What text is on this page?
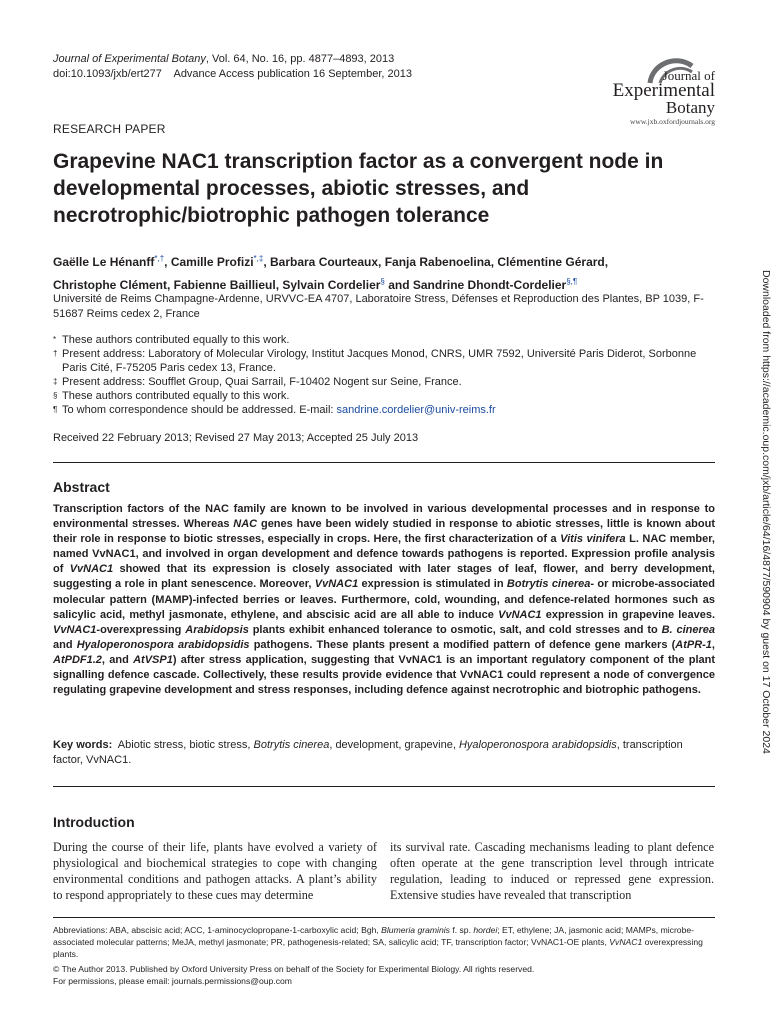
Journal of Experimental Botany, Vol. 64, No. 16, pp. 4877–4893, 2013
doi:10.1093/jxb/ert277    Advance Access publication 16 September, 2013	Journal of
Experimental
Botany
www.jxb.oxfordjournals.org
RESEARCH PAPER
Grapevine NAC1 transcription factor as a convergent node in developmental processes, abiotic stresses, and necrotrophic/biotrophic pathogen tolerance
Gaëlle Le Hénanff*,†, Camille Profizi*,‡, Barbara Courteaux, Fanja Rabenoelina, Clémentine Gérard,
Christophe Clément, Fabienne Baillieul, Sylvain Cordelier§ and Sandrine Dhondt-Cordelier§,¶
Université de Reims Champagne-Ardenne, URVVC-EA 4707, Laboratoire Stress, Défenses et Reproduction des Plantes, BP 1039, F-51687 Reims cedex 2, France
* These authors contributed equally to this work.
† Present address: Laboratory of Molecular Virology, Institut Jacques Monod, CNRS, UMR 7592, Université Paris Diderot, Sorbonne
Paris Cité, F-75205 Paris cedex 13, France.
‡ Present address: Soufflet Group, Quai Sarrail, F-10402 Nogent sur Seine, France.
§ These authors contributed equally to this work.
¶ To whom correspondence should be addressed. E-mail: sandrine.cordelier@univ-reims.fr
Received 22 February 2013; Revised 27 May 2013; Accepted 25 July 2013
Abstract
Transcription factors of the NAC family are known to be involved in various developmental processes and in response to environmental stresses. Whereas NAC genes have been widely studied in response to abiotic stresses, little is known about their role in response to biotic stresses, especially in crops. Here, the first characterization of a Vitis vinifera L. NAC member, named VvNAC1, and involved in organ development and defence towards pathogens is reported. Expression profile analysis of VvNAC1 showed that its expression is closely associated with later stages of leaf, flower, and berry development, suggesting a role in plant senescence. Moreover, VvNAC1 expression is stimulated in Botrytis cinerea- or microbe-associated molecular pattern (MAMP)-infected berries or leaves. Furthermore, cold, wounding, and defence-related hormones such as salicylic acid, methyl jasmonate, ethylene, and abscisic acid are all able to induce VvNAC1 expression in grapevine leaves. VvNAC1-overexpressing Arabidopsis plants exhibit enhanced tolerance to osmotic, salt, and cold stresses and to B. cinerea and Hyaloperonospora arabidopsidis pathogens. These plants present a modified pattern of defence gene markers (AtPR-1, AtPDF1.2, and AtVSP1) after stress application, suggesting that VvNAC1 is an important regulatory component of the plant signalling defence cascade. Collectively, these results provide evidence that VvNAC1 could represent a node of convergence regulating grapevine development and stress responses, including defence against necrotrophic and biotrophic pathogens.
Key words:  Abiotic stress, biotic stress, Botrytis cinerea, development, grapevine, Hyaloperonospora arabidopsidis, transcription factor, VvNAC1.
Introduction
During the course of their life, plants have evolved a variety of physiological and biochemical strategies to cope with changing environmental conditions and pathogen attacks. A plant’s ability to respond appropriately to these cues may determine
its survival rate. Cascading mechanisms leading to plant defence often operate at the gene transcription level through intricate regulation, leading to induced or repressed gene expression. Extensive studies have revealed that transcription
Abbreviations: ABA, abscisic acid; ACC, 1-aminocyclopropane-1-carboxylic acid; Bgh, Blumeria graminis f. sp. hordei; ET, ethylene; JA, jasmonic acid; MAMPs, microbe-associated molecular patterns; MeJA, methyl jasmonate; PR, pathogenesis-related; SA, salicylic acid; TF, transcription factor; VvNAC1-OE plants, VvNAC1 overexpressing plants.
© The Author 2013. Published by Oxford University Press on behalf of the Society for Experimental Biology. All rights reserved.
For permissions, please email: journals.permissions@oup.com
Downloaded from https://academic.oup.com/jxb/article/64/16/4877/590904 by guest on 17 October 2024
